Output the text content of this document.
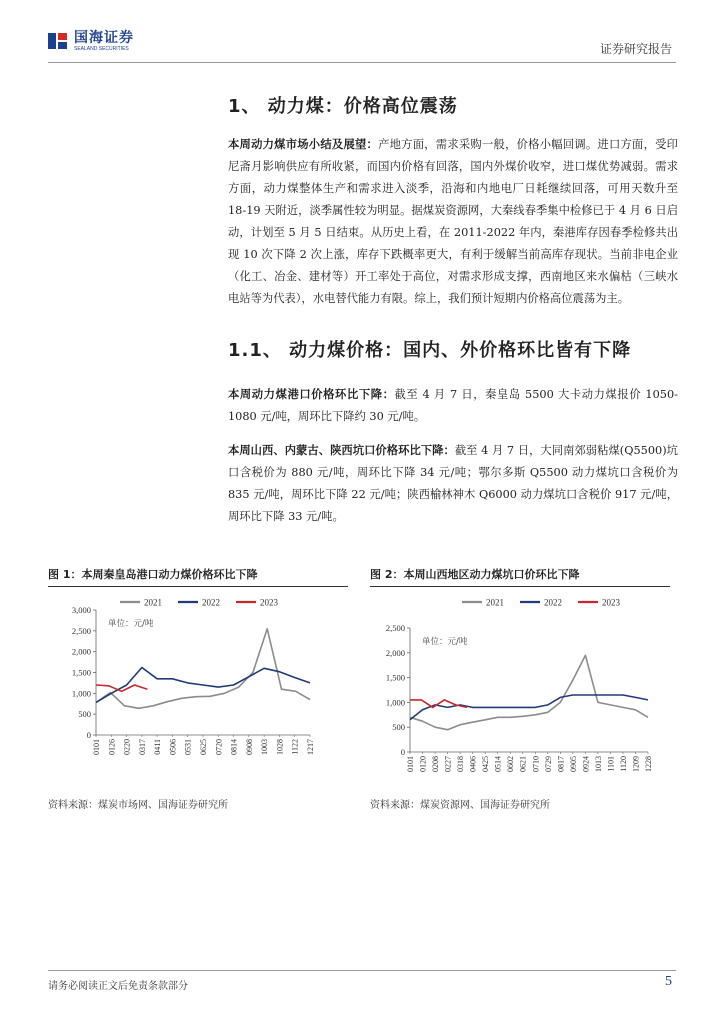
国海证券
SEALAND SECURITIES	证券研究报告
1、 动力煤：价格高位震荡
本周动力煤市场小结及展望：产地方面，需求采购一般，价格小幅回调。进口方面，受印尼斋月影响供应有所收紧，而国内价格有回落，国内外煤价收窄，进口煤优势减弱。需求方面，动力煤整体生产和需求进入淡季，沿海和内地电厂日耗继续回落，可用天数升至 18-19 天附近，淡季属性较为明显。据煤炭资源网，大秦线春季集中检修已于 4 月 6 日启动，计划至 5 月 5 日结束。从历史上看，在 2011-2022 年内，秦港库存因春季检修共出现 10 次下降 2 次上涨，库存下跌概率更大，有利于缓解当前高库存现状。当前非电企业（化工、冶金、建材等）开工率处于高位，对需求形成支撑，西南地区来水偏枯（三峡水电站等为代表），水电替代能力有限。综上，我们预计短期内价格高位震荡为主。
1.1、 动力煤价格：国内、外价格环比皆有下降
本周动力煤港口价格环比下降：截至 4 月 7 日，秦皇岛 5500 大卡动力煤报价 1050-1080 元/吨，周环比下降约 30 元/吨。
本周山西、内蒙古、陕西坑口价格环比下降：截至 4 月 7 日，大同南郊弱粘煤(Q5500)坑口含税价为 880 元/吨，周环比下降 34 元/吨；鄂尔多斯 Q5500 动力煤坑口含税价为 835 元/吨，周环比下降 22 元/吨；陕西榆林神木 Q6000 动力煤坑口含税价 917 元/吨，周环比下降 33 元/吨。
图 1：本周秦皇岛港口动力煤价格环比下降
2021	2022	2023
单位：元/吨
0
500
1,000
1,500
2,000
2,500
3,000
0101 0126 0220 0317 0411 0506 0531 0625 0720 0814 0908 1003 1028 1122 1217
资料来源：煤炭市场网、国海证券研究所
图 2：本周山西地区动力煤坑口价环比下降
2021	2022	2023
单位：元/吨
0
500
1,000
1,500
2,000
2,500
0101 0120 0208 0227 0318 0406 0425 0514 0602 0621 0710 0729 0817 0905 0924 1013 1101 1120 1209 1228
资料来源：煤炭资源网、国海证券研究所
请务必阅读正文后免责条款部分	5
